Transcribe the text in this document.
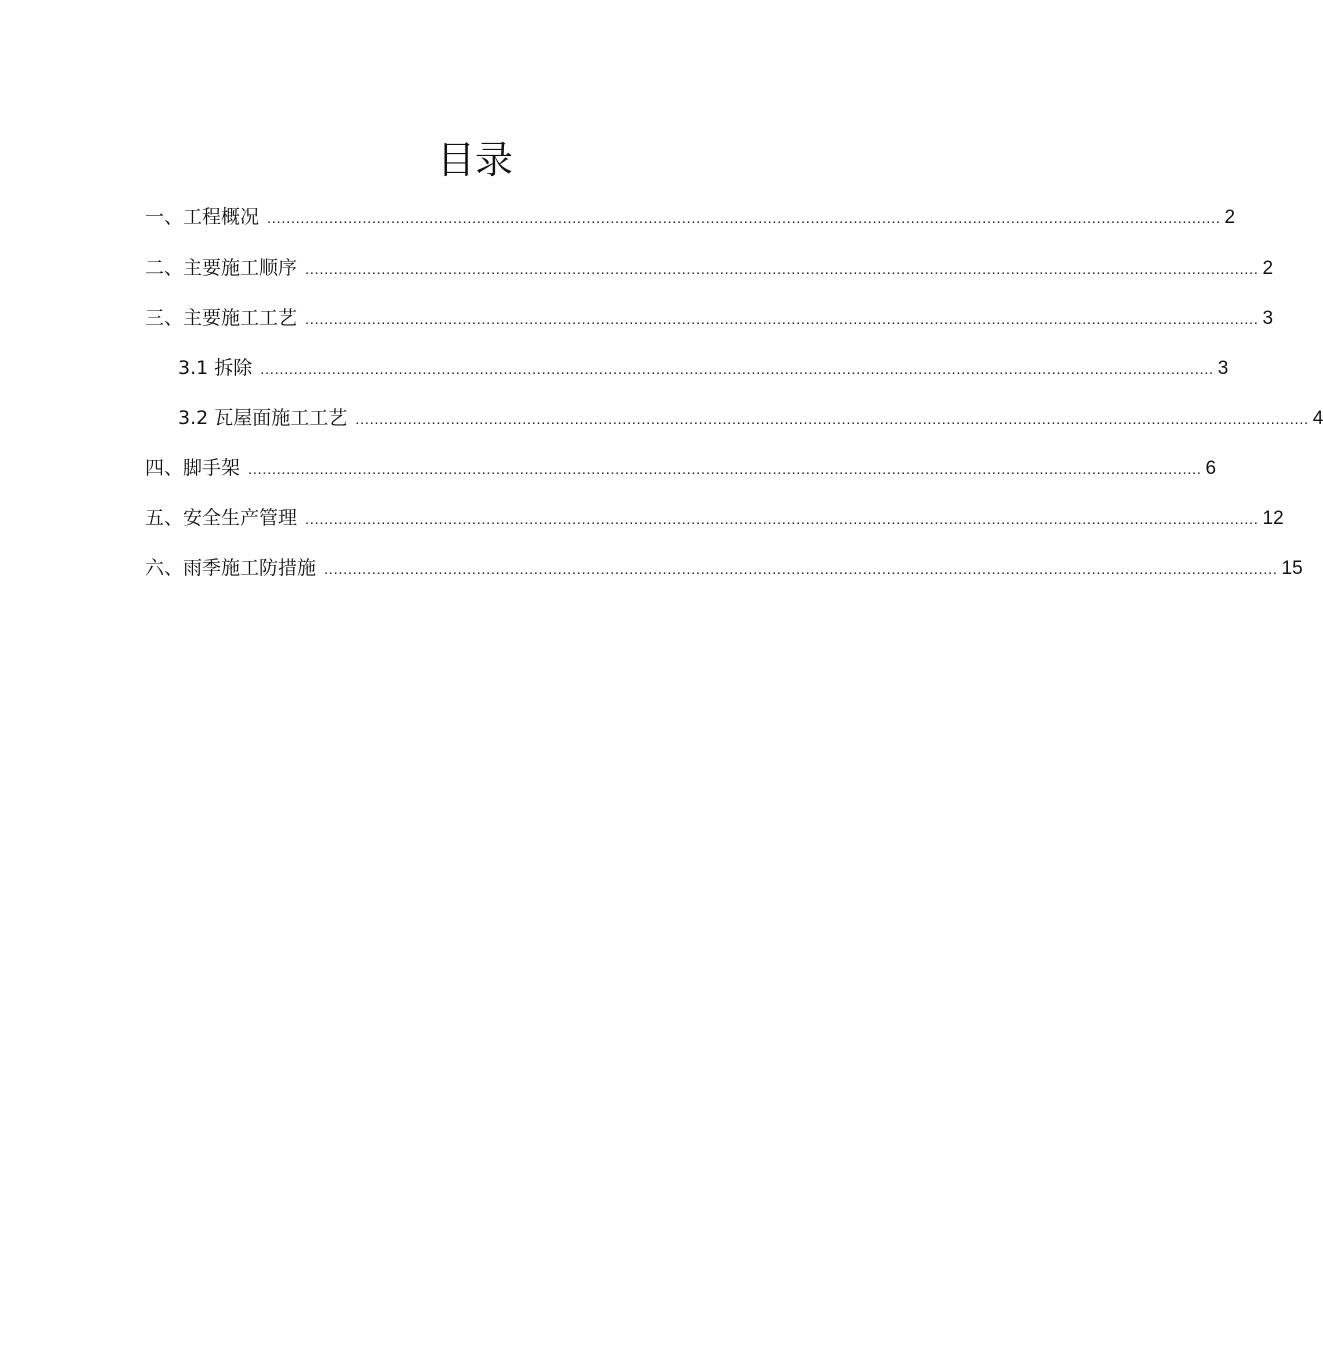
目录
一、工程概况 ........................................................................................................................................................................................................ 2
二、主要施工顺序 ........................................................................................................................................................................................................ 2
三、主要施工工艺 ........................................................................................................................................................................................................ 3
3.1 拆除 ........................................................................................................................................................................................................ 3
3.2 瓦屋面施工工艺 ........................................................................................................................................................................................................ 4
四、脚手架 ........................................................................................................................................................................................................ 6
五、安全生产管理 ........................................................................................................................................................................................................ 12
六、雨季施工防措施 ........................................................................................................................................................................................................ 15
